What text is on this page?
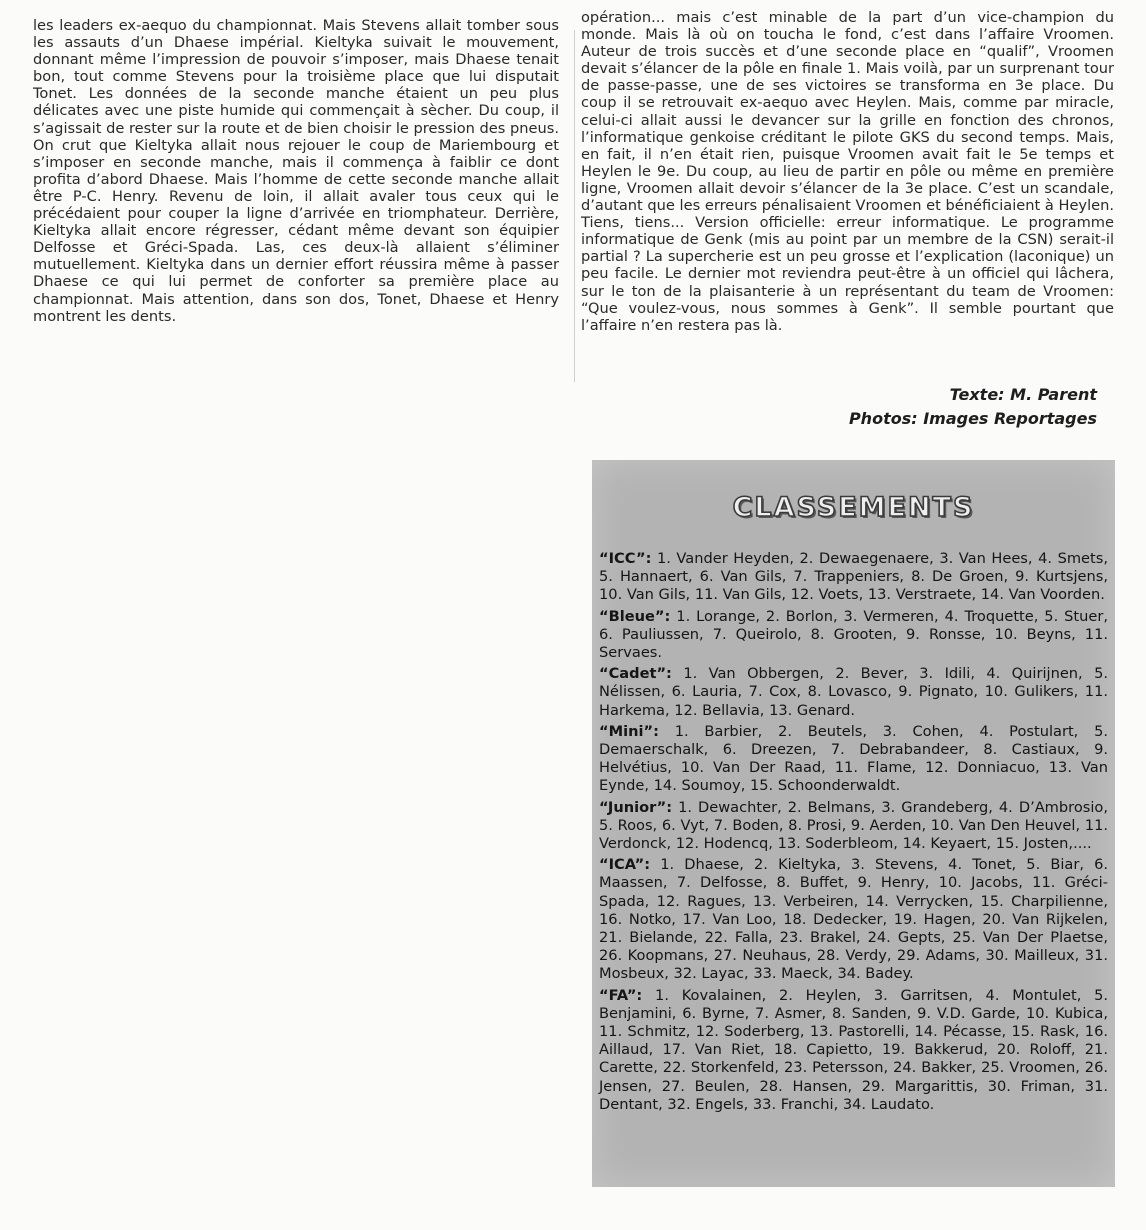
les leaders ex-aequo du championnat. Mais Stevens allait tomber sous les assauts d’un Dhaese impérial. Kieltyka suivait le mouvement, donnant même l’impression de pouvoir s’imposer, mais Dhaese tenait bon, tout comme Stevens pour la troisième place que lui disputait Tonet. Les données de la seconde manche étaient un peu plus délicates avec une piste humide qui commençait à sècher. Du coup, il s’agissait de rester sur la route et de bien choisir le pression des pneus. On crut que Kieltyka allait nous rejouer le coup de Mariembourg et s’imposer en seconde manche, mais il commença à faiblir ce dont profita d’abord Dhaese. Mais l’homme de cette seconde manche allait être P-C. Henry. Revenu de loin, il allait avaler tous ceux qui le précédaient pour couper la ligne d’arrivée en triomphateur. Derrière, Kieltyka allait encore régresser, cédant même devant son équipier Delfosse et Gréci-Spada. Las, ces deux-là allaient s’éliminer mutuellement. Kieltyka dans un dernier effort réussira même à passer Dhaese ce qui lui permet de conforter sa première place au championnat. Mais attention, dans son dos, Tonet, Dhaese et Henry montrent les dents.
opération... mais c’est minable de la part d’un vice-champion du monde. Mais là où on toucha le fond, c’est dans l’affaire Vroomen. Auteur de trois succès et d’une seconde place en “qualif”, Vroomen devait s’élancer de la pôle en finale 1. Mais voilà, par un surprenant tour de passe-passe, une de ses victoires se transforma en 3e place. Du coup il se retrouvait ex-aequo avec Heylen. Mais, comme par miracle, celui-ci allait aussi le devancer sur la grille en fonction des chronos, l’informatique genkoise créditant le pilote GKS du second temps. Mais, en fait, il n’en était rien, puisque Vroomen avait fait le 5e temps et Heylen le 9e. Du coup, au lieu de partir en pôle ou même en première ligne, Vroomen allait devoir s’élancer de la 3e place. C’est un scandale, d’autant que les erreurs pénalisaient Vroomen et bénéficiaient à Heylen. Tiens, tiens... Version officielle: erreur informatique. Le programme informatique de Genk (mis au point par un membre de la CSN) serait-il partial ? La supercherie est un peu grosse et l’explication (laconique) un peu facile. Le dernier mot reviendra peut-être à un officiel qui lâchera, sur le ton de la plaisanterie à un représentant du team de Vroomen: “Que voulez-vous, nous sommes à Genk”. Il semble pourtant que l’affaire n’en restera pas là.
Texte: M. Parent
Photos: Images Reportages
CLASSEMENTS

“ICC”: 1. Vander Heyden, 2. Dewaegenaere, 3. Van Hees, 4. Smets, 5. Hannaert, 6. Van Gils, 7. Trappeniers, 8. De Groen, 9. Kurtsjens, 10. Van Gils, 11. Van Gils, 12. Voets, 13. Verstraete, 14. Van Voorden.

“Bleue”: 1. Lorange, 2. Borlon, 3. Vermeren, 4. Troquette, 5. Stuer, 6. Pauliussen, 7. Queirolo, 8. Grooten, 9. Ronsse, 10. Beyns, 11. Servaes.

“Cadet”: 1. Van Obbergen, 2. Bever, 3. Idili, 4. Quirijnen, 5. Nélissen, 6. Lauria, 7. Cox, 8. Lovasco, 9. Pignato, 10. Gulikers, 11. Harkema, 12. Bellavia, 13. Genard.

“Mini”: 1. Barbier, 2. Beutels, 3. Cohen, 4. Postulart, 5. Demaerschalk, 6. Dreezen, 7. Debrabandeer, 8. Castiaux, 9. Helvétius, 10. Van Der Raad, 11. Flame, 12. Donniacuo, 13. Van Eynde, 14. Soumoy, 15. Schoonderwaldt.

“Junior”: 1. Dewachter, 2. Belmans, 3. Grandeberg, 4. D’Ambrosio, 5. Roos, 6. Vyt, 7. Boden, 8. Prosi, 9. Aerden, 10. Van Den Heuvel, 11. Verdonck, 12. Hodencq, 13. Soderbleom, 14. Keyaert, 15. Josten,....

“ICA”: 1. Dhaese, 2. Kieltyka, 3. Stevens, 4. Tonet, 5. Biar, 6. Maassen, 7. Delfosse, 8. Buffet, 9. Henry, 10. Jacobs, 11. Gréci-Spada, 12. Ragues, 13. Verbeiren, 14. Verrycken, 15. Charpilienne, 16. Notko, 17. Van Loo, 18. Dedecker, 19. Hagen, 20. Van Rijkelen, 21. Bielande, 22. Falla, 23. Brakel, 24. Gepts, 25. Van Der Plaetse, 26. Koopmans, 27. Neuhaus, 28. Verdy, 29. Adams, 30. Mailleux, 31. Mosbeux, 32. Layac, 33. Maeck, 34. Badey.

“FA”: 1. Kovalainen, 2. Heylen, 3. Garritsen, 4. Montulet, 5. Benjamini, 6. Byrne, 7. Asmer, 8. Sanden, 9. V.D. Garde, 10. Kubica, 11. Schmitz, 12. Soderberg, 13. Pastorelli, 14. Pécasse, 15. Rask, 16. Aillaud, 17. Van Riet, 18. Capietto, 19. Bakkerud, 20. Roloff, 21. Carette, 22. Storkenfeld, 23. Petersson, 24. Bakker, 25. Vroomen, 26. Jensen, 27. Beulen, 28. Hansen, 29. Margarittis, 30. Friman, 31. Dentant, 32. Engels, 33. Franchi, 34. Laudato.
